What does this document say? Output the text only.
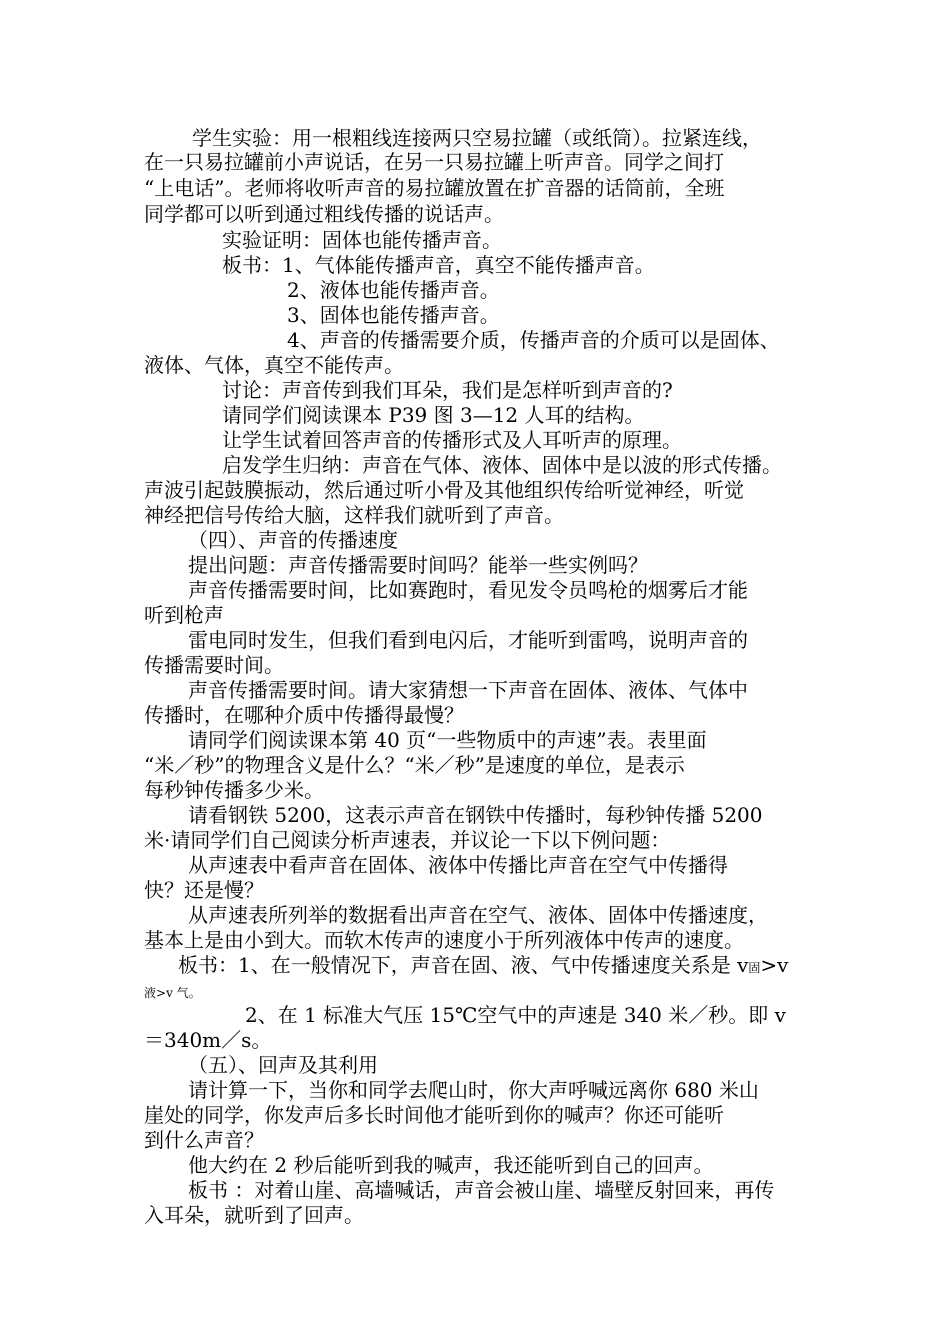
学生实验：用一根粗线连接两只空易拉罐（或纸筒）。拉紧连线，
在一只易拉罐前小声说话，在另一只易拉罐上听声音。同学之间打
“上电话”。老师将收听声音的易拉罐放置在扩音器的话筒前，全班
同学都可以听到通过粗线传播的说话声。
实验证明：固体也能传播声音。
板书：1、气体能传播声音，真空不能传播声音。
2、液体也能传播声音。
3、固体也能传播声音。
4、声音的传播需要介质，传播声音的介质可以是固体、
液体、气体，真空不能传声。
讨论：声音传到我们耳朵，我们是怎样听到声音的?
请同学们阅读课本 P39 图 3—12 人耳的结构。
让学生试着回答声音的传播形式及人耳听声的原理。
启发学生归纳：声音在气体、液体、固体中是以波的形式传播。
声波引起鼓膜振动，然后通过听小骨及其他组织传给听觉神经，听觉
神经把信号传给大脑，这样我们就听到了声音。
（四）、声音的传播速度
提出问题：声音传播需要时间吗？能举一些实例吗？
声音传播需要时间，比如赛跑时，看见发令员鸣枪的烟雾后才能
听到枪声
雷电同时发生，但我们看到电闪后，才能听到雷鸣，说明声音的
传播需要时间。
声音传播需要时间。请大家猜想一下声音在固体、液体、气体中
传播时，在哪种介质中传播得最慢？
请同学们阅读课本第 40 页“一些物质中的声速”表。表里面
“米／秒”的物理含义是什么？“米／秒”是速度的单位，是表示
每秒钟传播多少米。
请看钢铁 5200，这表示声音在钢铁中传播时，每秒钟传播 5200
米·请同学们自己阅读分析声速表，并议论一下以下例问题：
从声速表中看声音在固体、液体中传播比声音在空气中传播得
快？还是慢？
从声速表所列举的数据看出声音在空气、液体、固体中传播速度，
基本上是由小到大。而软木传声的速度小于所列液体中传声的速度。
板书：1、在一般情况下，声音在固、液、气中传播速度关系是 v固>v
液>v 气。
2、在 1 标准大气压 15℃空气中的声速是 340 米／秒。即 v
＝340m／s。
（五）、回声及其利用
请计算一下，当你和同学去爬山时，你大声呼喊远离你 680 米山
崖处的同学，你发声后多长时间他才能听到你的喊声？你还可能听
到什么声音？
他大约在 2 秒后能听到我的喊声，我还能听到自己的回声。
板书 ：对着山崖、高墙喊话，声音会被山崖、墙壁反射回来，再传
入耳朵，就听到了回声。
